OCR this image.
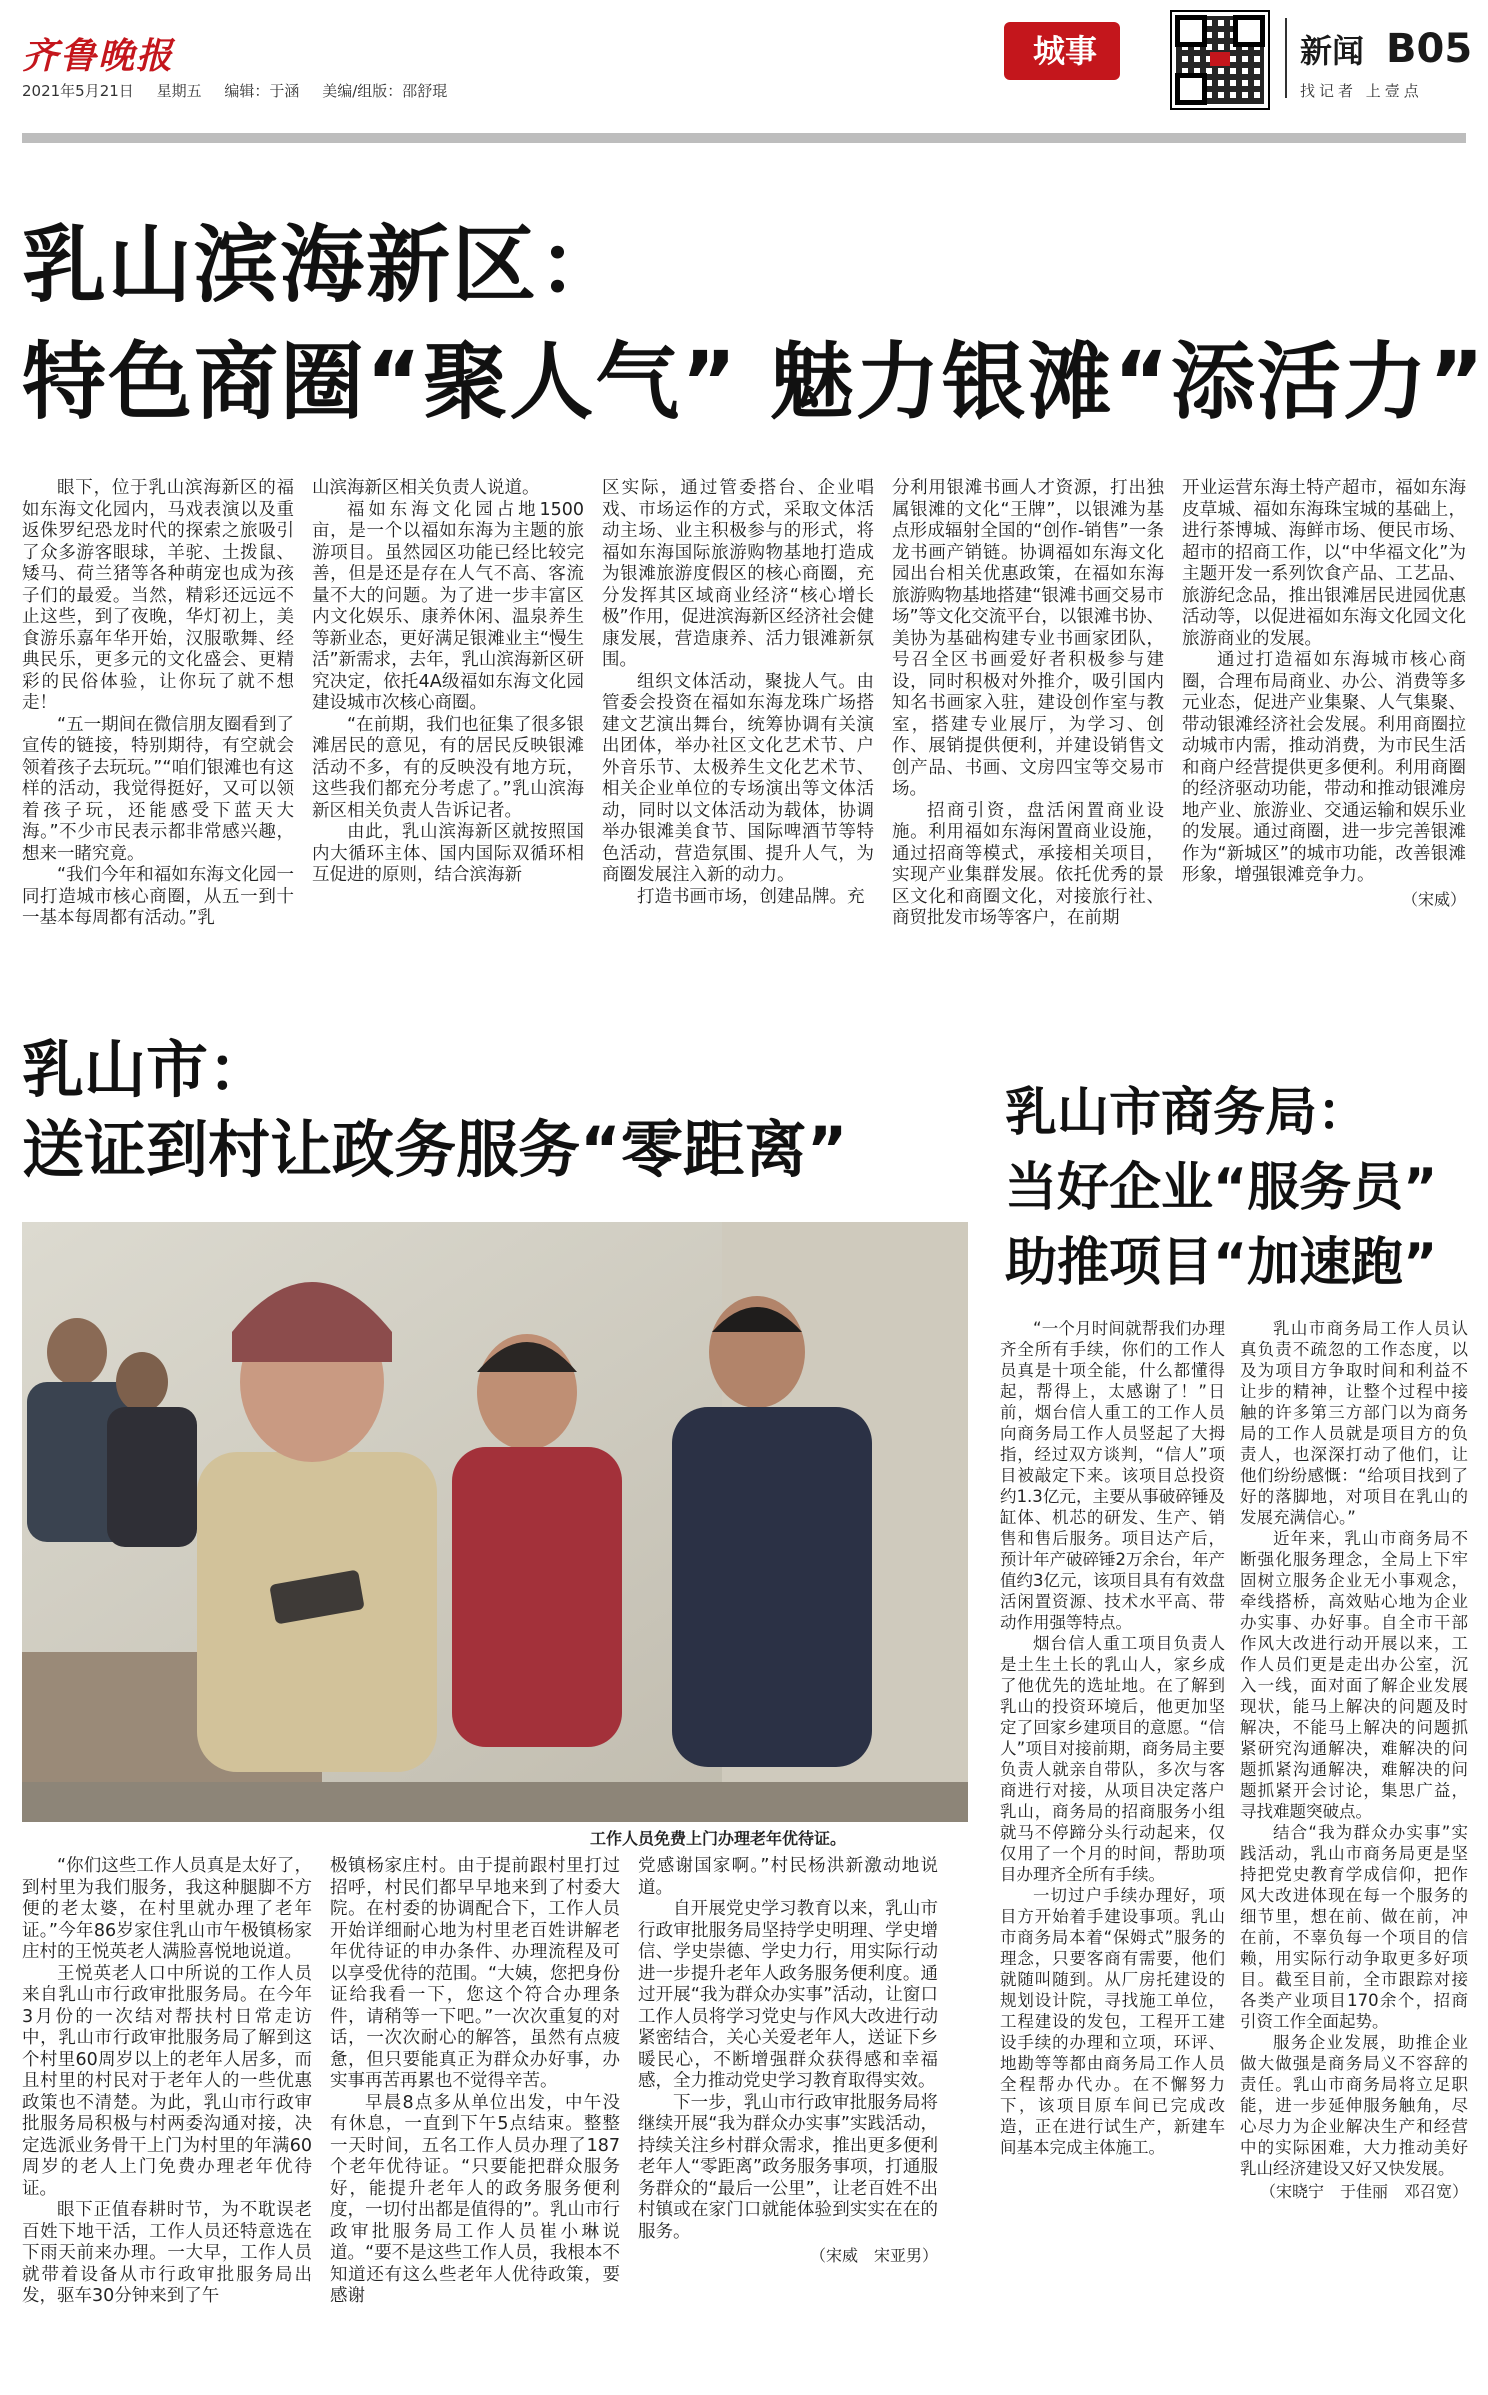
齐鲁晚报
2021年5月21日 星期五 编辑：于涵 美编/组版：邵舒琨
城事	新闻 B05
找记者 上壹点
乳山滨海新区：
特色商圈“聚人气” 魅力银滩“添活力”

眼下，位于乳山滨海新区的福如东海文化园内，马戏表演以及重返侏罗纪恐龙时代的探索之旅吸引了众多游客眼球，羊驼、土拨鼠、矮马、荷兰猪等各种萌宠也成为孩子们的最爱。当然，精彩还远远不止这些，到了夜晚，华灯初上，美食游乐嘉年华开始，汉服歌舞、经典民乐，更多元的文化盛会、更精彩的民俗体验，让你玩了就不想走！

“五一期间在微信朋友圈看到了宣传的链接，特别期待，有空就会领着孩子去玩玩。”“咱们银滩也有这样的活动，我觉得挺好，又可以领着孩子玩，还能感受下蓝天大海。”不少市民表示都非常感兴趣，想来一睹究竟。

“我们今年和福如东海文化园一同打造城市核心商圈，从五一到十一基本每周都有活动。”乳

山滨海新区相关负责人说道。

福如东海文化园占地1500亩，是一个以福如东海为主题的旅游项目。虽然园区功能已经比较完善，但是还是存在人气不高、客流量不大的问题。为了进一步丰富区内文化娱乐、康养休闲、温泉养生等新业态，更好满足银滩业主“慢生活”新需求，去年，乳山滨海新区研究决定，依托4A级福如东海文化园建设城市次核心商圈。

“在前期，我们也征集了很多银滩居民的意见，有的居民反映银滩活动不多，有的反映没有地方玩，这些我们都充分考虑了。”乳山滨海新区相关负责人告诉记者。

由此，乳山滨海新区就按照国内大循环主体、国内国际双循环相互促进的原则，结合滨海新

区实际，通过管委搭台、企业唱戏、市场运作的方式，采取文体活动主场、业主积极参与的形式，将福如东海国际旅游购物基地打造成为银滩旅游度假区的核心商圈，充分发挥其区域商业经济“核心增长极”作用，促进滨海新区经济社会健康发展，营造康养、活力银滩新氛围。

组织文体活动，聚拢人气。由管委会投资在福如东海龙珠广场搭建文艺演出舞台，统筹协调有关演出团体，举办社区文化艺术节、户外音乐节、太极养生文化艺术节、相关企业单位的专场演出等文体活动，同时以文体活动为载体，协调举办银滩美食节、国际啤酒节等特色活动，营造氛围、提升人气，为商圈发展注入新的动力。

打造书画市场，创建品牌。充

分利用银滩书画人才资源，打出独属银滩的文化“王牌”，以银滩为基点形成辐射全国的“创作-销售”一条龙书画产销链。协调福如东海文化园出台相关优惠政策，在福如东海旅游购物基地搭建“银滩书画交易市场”等文化交流平台，以银滩书协、美协为基础构建专业书画家团队，号召全区书画爱好者积极参与建设，同时积极对外推介，吸引国内知名书画家入驻，建设创作室与教室，搭建专业展厅，为学习、创作、展销提供便利，并建设销售文创产品、书画、文房四宝等交易市场。

招商引资，盘活闲置商业设施。利用福如东海闲置商业设施，通过招商等模式，承接相关项目，实现产业集群发展。依托优秀的景区文化和商圈文化，对接旅行社、商贸批发市场等客户，在前期

开业运营东海土特产超市，福如东海皮草城、福如东海珠宝城的基础上，进行茶博城、海鲜市场、便民市场、超市的招商工作，以“中华福文化”为主题开发一系列饮食产品、工艺品、旅游纪念品，推出银滩居民进园优惠活动等，以促进福如东海文化园文化旅游商业的发展。

通过打造福如东海城市核心商圈，合理布局商业、办公、消费等多元业态，促进产业集聚、人气集聚、带动银滩经济社会发展。利用商圈拉动城市内需，推动消费，为市民生活和商户经营提供更多便利。利用商圈的经济驱动功能，带动和推动银滩房地产业、旅游业、交通运输和娱乐业的发展。通过商圈，进一步完善银滩作为“新城区”的城市功能，改善银滩形象，增强银滩竞争力。

（宋威）
乳山市：
送证到村让政务服务“零距离”
工作人员免费上门办理老年优待证。

“你们这些工作人员真是太好了，到村里为我们服务，我这种腿脚不方便的老太婆，在村里就办理了老年证。”今年86岁家住乳山市午极镇杨家庄村的王悦英老人满脸喜悦地说道。

王悦英老人口中所说的工作人员来自乳山市行政审批服务局。在今年3月份的一次结对帮扶村日常走访中，乳山市行政审批服务局了解到这个村里60周岁以上的老年人居多，而且村里的村民对于老年人的一些优惠政策也不清楚。为此，乳山市行政审批服务局积极与村两委沟通对接，决定选派业务骨干上门为村里的年满60周岁的老人上门免费办理老年优待证。

眼下正值春耕时节，为不耽误老百姓下地干活，工作人员还特意选在下雨天前来办理。一大早，工作人员就带着设备从市行政审批服务局出发，驱车30分钟来到了午

极镇杨家庄村。由于提前跟村里打过招呼，村民们都早早地来到了村委大院。在村委的协调配合下，工作人员开始详细耐心地为村里老百姓讲解老年优待证的申办条件、办理流程及可以享受优待的范围。“大姨，您把身份证给我看一下，您这个符合办理条件，请稍等一下吧。”一次次重复的对话，一次次耐心的解答，虽然有点疲惫，但只要能真正为群众办好事，办实事再苦再累也不觉得辛苦。

早晨8点多从单位出发，中午没有休息，一直到下午5点结束。整整一天时间，五名工作人员办理了187个老年优待证。“只要能把群众服务好，能提升老年人的政务服务便利度，一切付出都是值得的”。乳山市行政审批服务局工作人员崔小琳说道。“要不是这些工作人员，我根本不知道还有这么些老年人优待政策，要感谢

党感谢国家啊。”村民杨洪新激动地说道。

自开展党史学习教育以来，乳山市行政审批服务局坚持学史明理、学史增信、学史崇德、学史力行，用实际行动进一步提升老年人政务服务便利度。通过开展“我为群众办实事”活动，让窗口工作人员将学习党史与作风大改进行动紧密结合，关心关爱老年人，送证下乡暖民心，不断增强群众获得感和幸福感，全力推动党史学习教育取得实效。

下一步，乳山市行政审批服务局将继续开展“我为群众办实事”实践活动，持续关注乡村群众需求，推出更多便利老年人“零距离”政务服务事项，打通服务群众的“最后一公里”，让老百姓不出村镇或在家门口就能体验到实实在在的服务。

（宋威　宋亚男）
乳山市商务局：
当好企业“服务员”
助推项目“加速跑”

“一个月时间就帮我们办理齐全所有手续，你们的工作人员真是十项全能，什么都懂得起，帮得上，太感谢了！”日前，烟台信人重工的工作人员向商务局工作人员竖起了大拇指，经过双方谈判，“信人”项目被敲定下来。该项目总投资约1.3亿元，主要从事破碎锤及缸体、机芯的研发、生产、销售和售后服务。项目达产后，预计年产破碎锤2万余台，年产值约3亿元，该项目具有有效盘活闲置资源、技术水平高、带动作用强等特点。

烟台信人重工项目负责人是土生土长的乳山人，家乡成了他优先的选址地。在了解到乳山的投资环境后，他更加坚定了回家乡建项目的意愿。“信人”项目对接前期，商务局主要负责人就亲自带队，多次与客商进行对接，从项目决定落户乳山，商务局的招商服务小组就马不停蹄分头行动起来，仅仅用了一个月的时间，帮助项目办理齐全所有手续。

一切过户手续办理好，项目方开始着手建设事项。乳山市商务局本着“保姆式”服务的理念，只要客商有需要，他们就随叫随到。从厂房托建设的规划设计院，寻找施工单位，工程建设的发包，工程开工建设手续的办理和立项，环评、地勘等等都由商务局工作人员全程帮办代办。在不懈努力下，该项目原车间已完成改造，正在进行试生产，新建车间基本完成主体施工。

乳山市商务局工作人员认真负责不疏忽的工作态度，以及为项目方争取时间和利益不让步的精神，让整个过程中接触的许多第三方部门以为商务局的工作人员就是项目方的负责人，也深深打动了他们，让他们纷纷感慨：“给项目找到了好的落脚地，对项目在乳山的发展充满信心。”

近年来，乳山市商务局不断强化服务理念，全局上下牢固树立服务企业无小事观念，牵线搭桥，高效贴心地为企业办实事、办好事。自全市干部作风大改进行动开展以来，工作人员们更是走出办公室，沉入一线，面对面了解企业发展现状，能马上解决的问题及时解决，不能马上解决的问题抓紧研究沟通解决，难解决的问题抓紧沟通解决，难解决的问题抓紧开会讨论，集思广益，寻找难题突破点。

结合“我为群众办实事”实践活动，乳山市商务局更是坚持把党史教育学成信仰，把作风大改进体现在每一个服务的细节里，想在前、做在前，冲在前，不辜负每一个项目的信赖，用实际行动争取更多好项目。截至目前，全市跟踪对接各类产业项目170余个，招商引资工作全面起势。

服务企业发展，助推企业做大做强是商务局义不容辞的责任。乳山市商务局将立足职能，进一步延伸服务触角，尽心尽力为企业解决生产和经营中的实际困难，大力推动美好乳山经济建设又好又快发展。

（宋晓宁　于佳丽　邓召宽）
